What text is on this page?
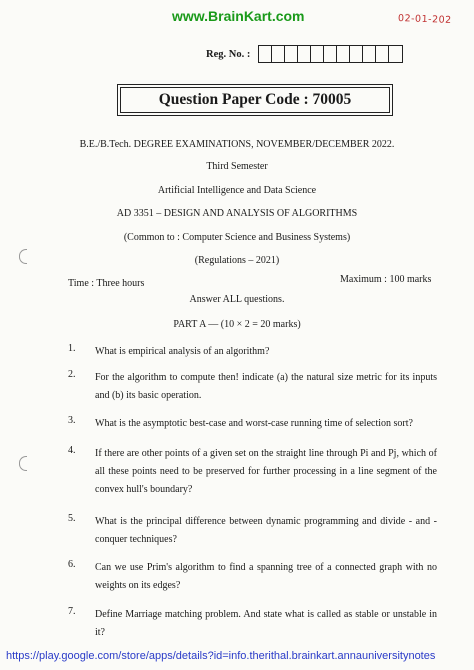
www.BrainKart.com	02-01-202
Reg. No. :
Question Paper Code : 70005
B.E./B.Tech. DEGREE EXAMINATIONS, NOVEMBER/DECEMBER 2022.
Third Semester
Artificial Intelligence and Data Science
AD 3351 – DESIGN AND ANALYSIS OF ALGORITHMS
(Common to : Computer Science and Business Systems)
(Regulations – 2021)
Time : Three hours	Maximum : 100 marks
Answer ALL questions.
PART A — (10 × 2 = 20 marks)
1. What is empirical analysis of an algorithm?
2. For the algorithm to compute then! indicate (a) the natural size metric for its inputs and (b) its basic operation.
3. What is the asymptotic best-case and worst-case running time of selection sort?
4. If there are other points of a given set on the straight line through Pi and Pj, which of all these points need to be preserved for further processing in a line segment of the convex hull's boundary?
5. What is the principal difference between dynamic programming and divide - and - conquer techniques?
6. Can we use Prim's algorithm to find a spanning tree of a connected graph with no weights on its edges?
7. Define Marriage matching problem. And state what is called as stable or unstable in it?
https://play.google.com/store/apps/details?id=info.therithal.brainkart.annauniversitynotes
